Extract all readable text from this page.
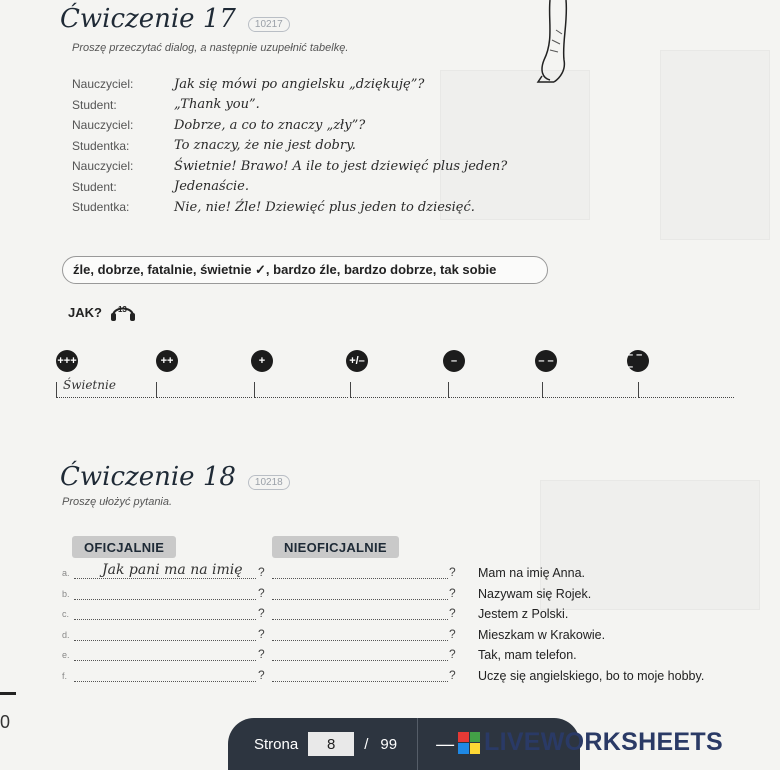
Ćwiczenie 17	10217
Proszę przeczytać dialog, a następnie uzupełnić tabelkę.
Nauczyciel:	Jak się mówi po angielsku „dziękuję”?
Student:	„Thank you”.
Nauczyciel:	Dobrze, a co to znaczy „zły”?
Studentka:	To znaczy, że nie jest dobry.
Nauczyciel:	Świetnie! Brawo! A ile to jest dziewięć plus jeden?
Student:	Jedenaście.
Studentka:	Nie, nie! Źle! Dziewięć plus jeden to dziesięć.
źle, dobrze, fatalnie, świetnie ✓, bardzo źle, bardzo dobrze, tak sobie
JAK? 13
+++	++	+	+/–	–	– –	– – –
Świetnie
Ćwiczenie 18	10218
Proszę ułożyć pytania.
OFICJALNIE	NIEOFICJALNIE
a. Jak pani ma na imię ?	? Mam na imię Anna.
b.	?	? Nazywam się Rojek.
c.	?	? Jestem z Polski.
d.	?	? Mieszkam w Krakowie.
e.	?	? Tak, mam telefon.
f.	?	? Uczę się angielskiego, bo to moje hobby.
0
Strona
8	/ 99 — LIVEWORKSHEETS
